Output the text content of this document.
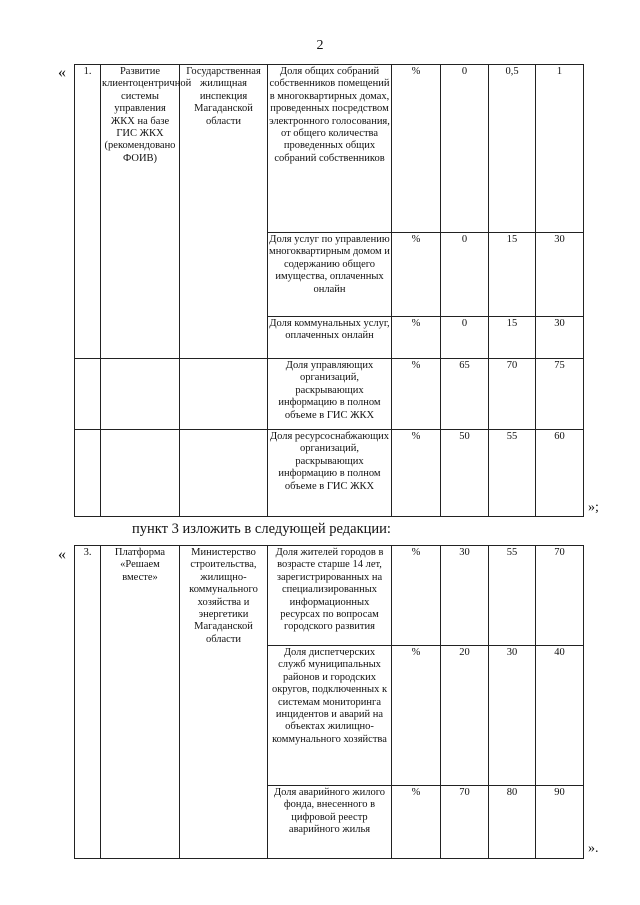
2
« 1.	Развитие клиентоцентричной системы управления ЖКХ на базе ГИС ЖКХ (рекомендовано ФОИВ)	Государственная жилищная инспекция Магаданской области	Доля общих собраний собственников помещений в многоквартирных домах, проведенных посредством электронного голосования, от общего количества проведенных общих собраний собственников	%	0	0,5	1
			Доля услуг по управлению многоквартирным домом и содержанию общего имущества, оплаченных онлайн	%	0	15	30
			Доля коммунальных услуг, оплаченных онлайн	%	0	15	30
			Доля управляющих организаций, раскрывающих информацию в полном объеме в ГИС ЖКХ	%	65	70	75
			Доля ресурсоснабжающих организаций, раскрывающих информацию в полном объеме в ГИС ЖКХ	%	50	55	60
»;
пункт 3 изложить в следующей редакции:
« 3.	Платформа «Решаем вместе»	Министерство строительства, жилищно-коммунального хозяйства и энергетики Магаданской области	Доля жителей городов в возрасте старше 14 лет, зарегистрированных на специализированных информационных ресурсах по вопросам городского развития	%	30	55	70
			Доля диспетчерских служб муниципальных районов и городских округов, подключенных к системам мониторинга инцидентов и аварий на объектах жилищно-коммунального хозяйства	%	20	30	40
			Доля аварийного жилого фонда, внесенного в цифровой реестр аварийного жилья	%	70	80	90
».
